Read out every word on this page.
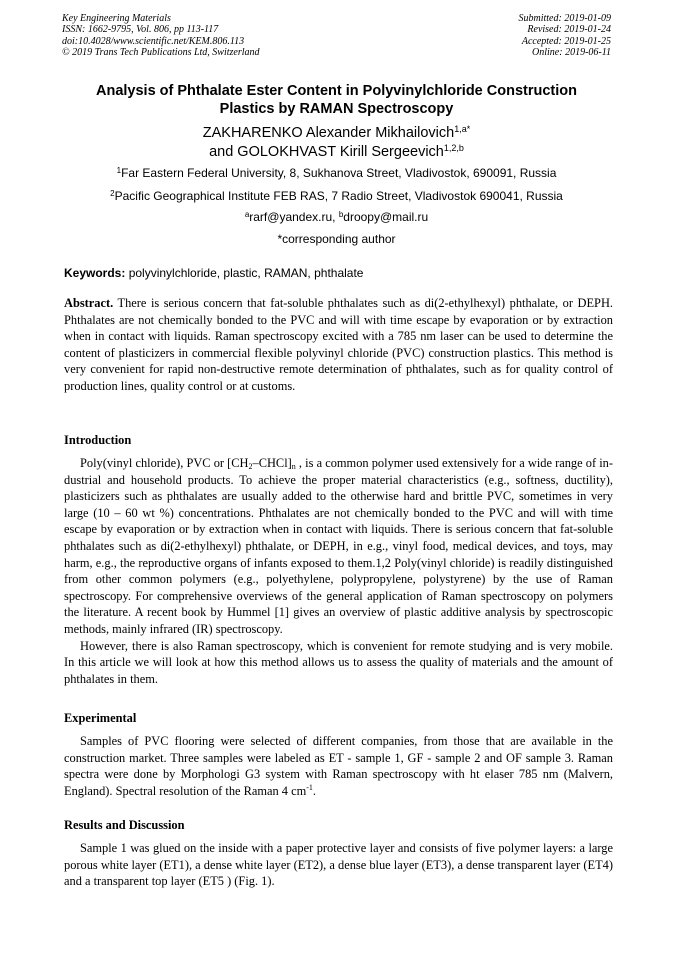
Key Engineering Materials
ISSN: 1662-9795, Vol. 806, pp 113-117
doi:10.4028/www.scientific.net/KEM.806.113
© 2019 Trans Tech Publications Ltd, Switzerland
Submitted: 2019-01-09
Revised: 2019-01-24
Accepted: 2019-01-25
Online: 2019-06-11
Analysis of Phthalate Ester Content in Polyvinylchloride Construction
Plastics by RAMAN Spectroscopy
ZAKHARENKO Alexander Mikhailovich$^{1,a*}$
and GOLOKHVAST Kirill Sergeevich$^{1,2,b}$
$^1$Far Eastern Federal University, 8, Sukhanova Street, Vladivostok, 690091, Russia
$^2$Pacific Geographical Institute FEB RAS, 7 Radio Street, Vladivostok 690041, Russia
$^a$rarf@yandex.ru, $^b$droopy@mail.ru
*corresponding author
Keywords: polyvinylchloride, plastic, RAMAN, phthalate

Abstract. There is serious concern that fat-soluble phthalates such as di(2-ethylhexyl) phthalate, or DEPH. Phthalates are not chemically bonded to the PVC and will with time escape by evaporation or by extraction when in contact with liquids. Raman spectroscopy excited with a 785 nm laser can be used to determine the content of plasticizers in commercial flexible polyvinyl chloride (PVC) construction plastics. This method is very convenient for rapid non-destructive remote determination of phthalates, such as for quality control of production lines, quality control or at customs.

Introduction

Poly(vinyl chloride), PVC or $[CH_2-CHCl]_n$ , is a common polymer used extensively for a wide range of in- dustrial and household products. To achieve the proper material characteristics (e.g., softness, ductility), plasticizers such as phthalates are usually added to the otherwise hard and brittle PVC, sometimes in very large (10 – 60 wt %) concentrations. Phthalates are not chemically bonded to the PVC and will with time escape by evaporation or by extraction when in contact with liquids. There is serious concern that fat-soluble phthalates such as di(2-ethylhexyl) phthalate, or DEPH, in e.g., vinyl food, medical devices, and toys, may harm, e.g., the reproductive organs of infants exposed to them.1,2 Poly(vinyl chloride) is readily distinguished from other common polymers (e.g., polyethylene, polypropylene, polystyrene) by the use of Raman spectroscopy. For comprehensive overviews of the general application of Raman spectroscopy on polymers the literature. A recent book by Hummel [1] gives an overview of plastic additive analysis by spectroscopic methods, mainly infrared (IR) spectroscopy.

However, there is also Raman spectroscopy, which is convenient for remote studying and is very mobile. In this article we will look at how this method allows us to assess the quality of materials and the amount of phthalates in them.

Experimental

Samples of PVC flooring were selected of different companies, from those that are available in the construction market. Three samples were labeled as ET - sample 1, GF - sample 2 and OF sample 3. Raman spectra were done by Morphologi G3 system with Raman spectroscopy with ht elaser 785 nm (Malvern, England). Spectral resolution of the Raman 4 $cm^{-1}$.

Results and Discussion

Sample 1 was glued on the inside with a paper protective layer and consists of five polymer layers: a large porous white layer (ET1), a dense white layer (ET2), a dense blue layer (ET3), a dense transparent layer (ET4) and a transparent top layer (ET5 ) (Fig. 1).
